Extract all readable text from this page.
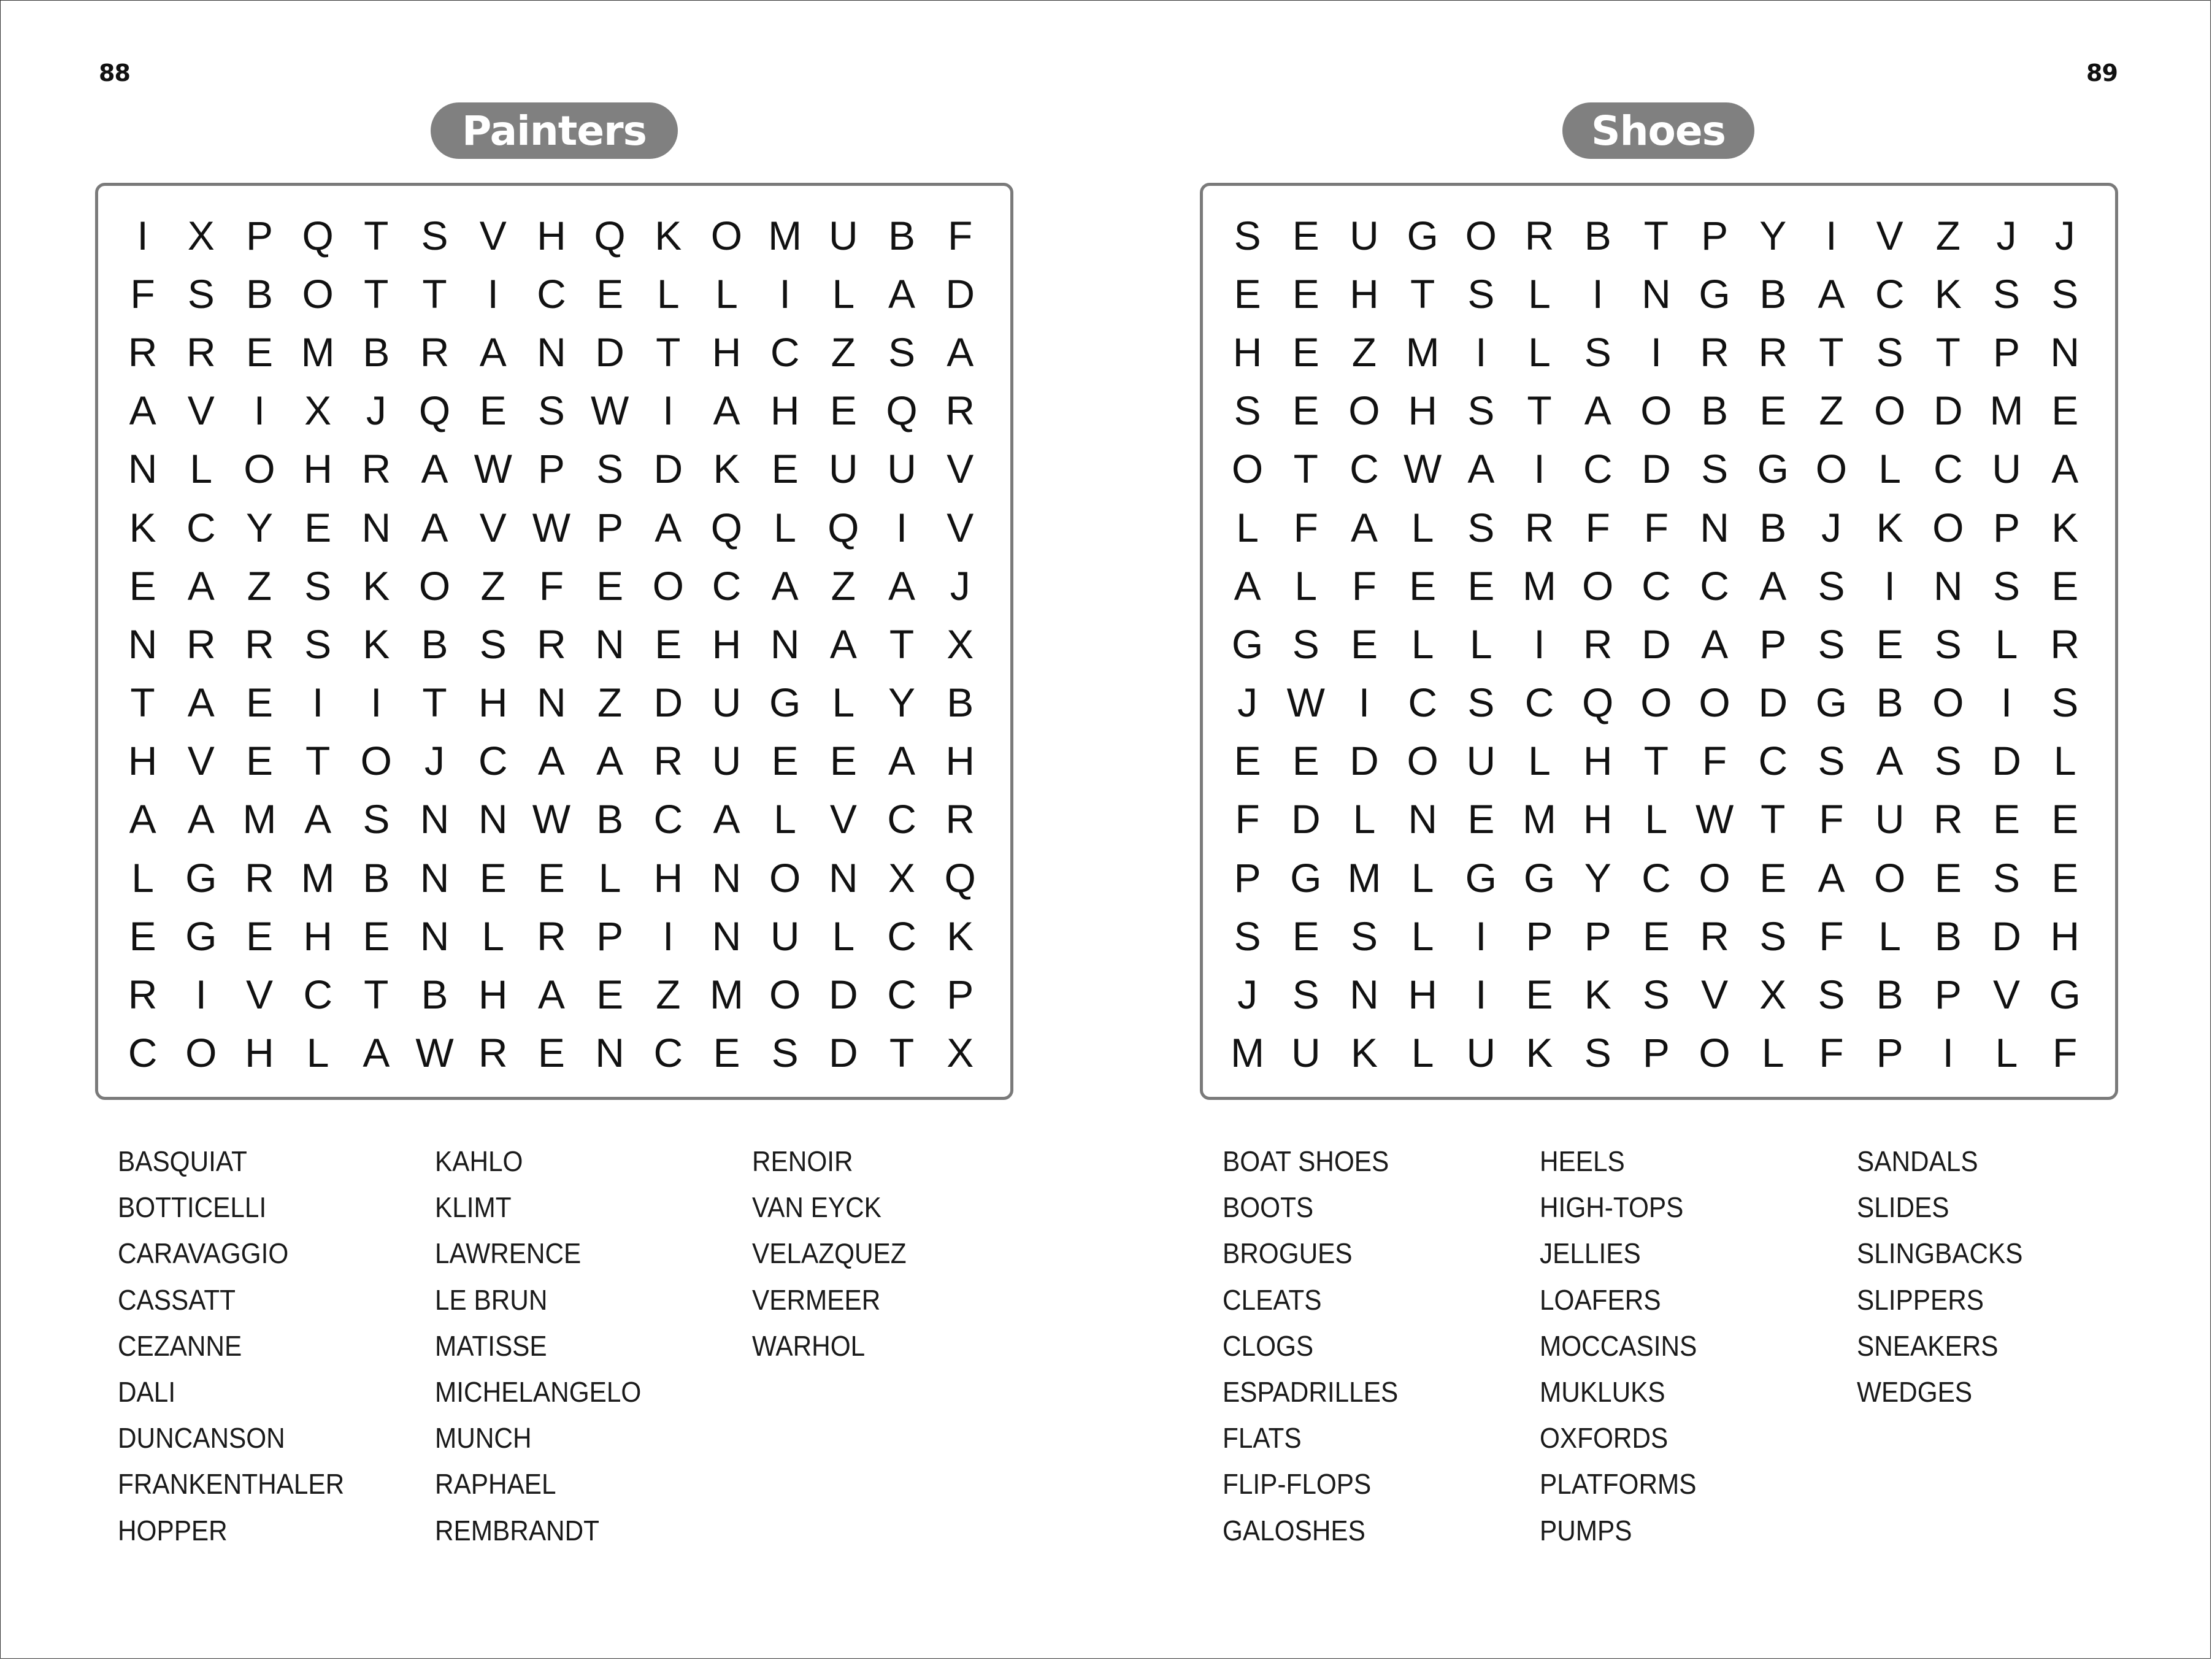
88
Painters
I X P Q T S V H Q K O M U B F
F S B O T T I C E L L	I	L A D
R R E M B R A N D T H C Z S A
A V I X J Q E S W I A H E Q R
N L O H R A W P S D K E U U V
K C Y E N A V W P A Q L Q I V
E A Z S K O Z F E O C A Z A J
N R R S K B S R N E H N A T X
T A E I	I T H N Z D U G L Y B
H V E T O J C A A R U E E A H
A A M A S N N W B C A L V C R
L G R M B N E E L H N O N X Q
E G E H E N L R P I N U L C K
R I V C T B H A E Z M O D C P
C O H L A W R E N C E S D T X
BASQUIAT
BOTTICELLI
CARAVAGGIO
CASSATT
CEZANNE
DALI
DUNCANSON
FRANKENTHALER
HOPPER
KAHLO
KLIMT
LAWRENCE
LE BRUN
MATISSE
MICHELANGELO
MUNCH
RAPHAEL
REMBRANDT
RENOIR
VAN EYCK
VELAZQUEZ
VERMEER
WARHOL
89
Shoes
S E U G O R B T P Y I V Z J J
E E H T S L	I N G B A C K S S
H E Z M I	L S I R R T S T P N
S E O H S T A O B E Z O D M E
O T C W A I C D S G O L C U A
L F A L S R F F N B J K O P K
A L F E E M O C C A S I N S E
G S E L L	I R D A P S E S L R
J W I C S C Q O O D G B O I S
E E D O U L H T F C S A S D L
F D L N E M H L W T F U R E E
P G M L G G Y C O E A O E S E
S E S L	I P P E R S F L B D H
J S N H I E K S V X S B P V G
M U K L U K S P O L F P I	L F
BOAT SHOES
BOOTS
BROGUES
CLEATS
CLOGS
ESPADRILLES
FLATS
FLIP-FLOPS
GALOSHES
HEELS
HIGH-TOPS
JELLIES
LOAFERS
MOCCASINS
MUKLUKS
OXFORDS
PLATFORMS
PUMPS
SANDALS
SLIDES
SLINGBACKS
SLIPPERS
SNEAKERS
WEDGES
